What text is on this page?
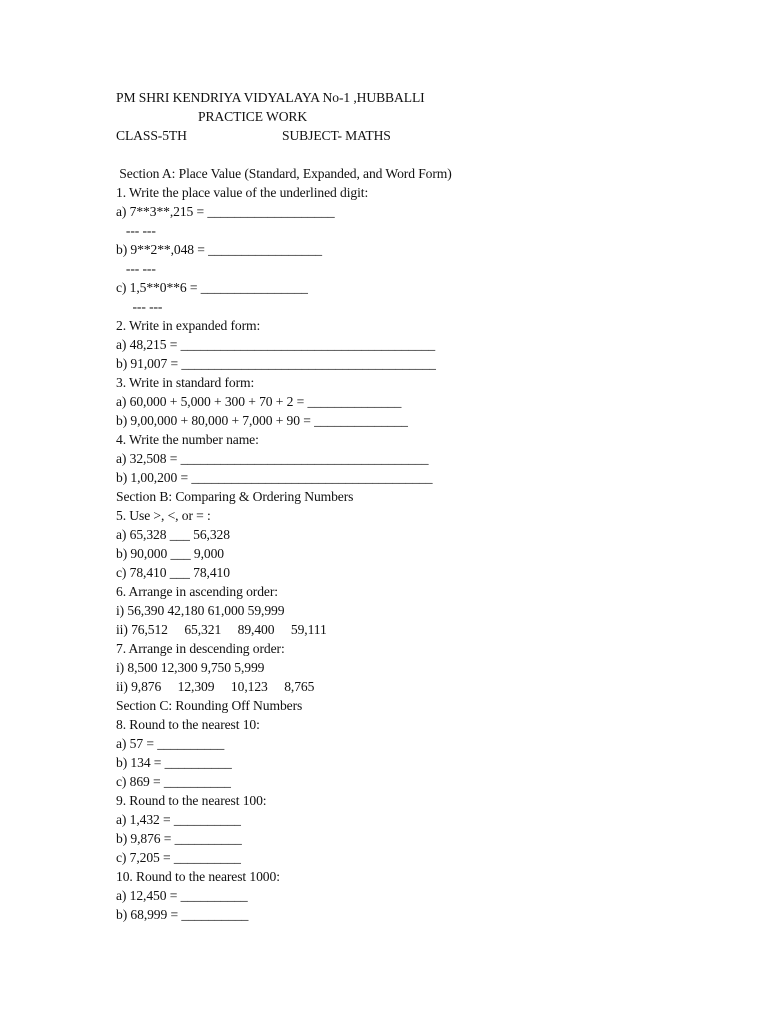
PM SHRI KENDRIYA VIDYALAYA No-1 ,HUBBALLI
PRACTICE WORK
CLASS-5TH	SUBJECT- MATHS
Section A: Place Value (Standard, Expanded, and Word Form)
1. Write the place value of the underlined digit:
a) 7**3**,215 = ___________________
--- ---
b) 9**2**,048 = _________________
--- ---
c) 1,5**0**6 = ________________
--- ---
2. Write in expanded form:
a) 48,215 = ______________________________________
b) 91,007 = ______________________________________
3. Write in standard form:
a) 60,000 + 5,000 + 300 + 70 + 2 = ______________
b) 9,00,000 + 80,000 + 7,000 + 90 = ______________
4. Write the number name:
a) 32,508 = _____________________________________
b) 1,00,200 = ____________________________________
Section B: Comparing & Ordering Numbers
5. Use >, <, or = :
a) 65,328 ___ 56,328
b) 90,000 ___ 9,000
c) 78,410 ___ 78,410
6. Arrange in ascending order:
i) 56,390 42,180 61,000 59,999
ii) 76,512     65,321     89,400     59,111
7. Arrange in descending order:
i) 8,500 12,300 9,750 5,999
ii) 9,876     12,309     10,123     8,765
Section C: Rounding Off Numbers
8. Round to the nearest 10:
a) 57 = __________
b) 134 = __________
c) 869 = __________
9. Round to the nearest 100:
a) 1,432 = __________
b) 9,876 = __________
c) 7,205 = __________
10. Round to the nearest 1000:
a) 12,450 = __________
b) 68,999 = __________
